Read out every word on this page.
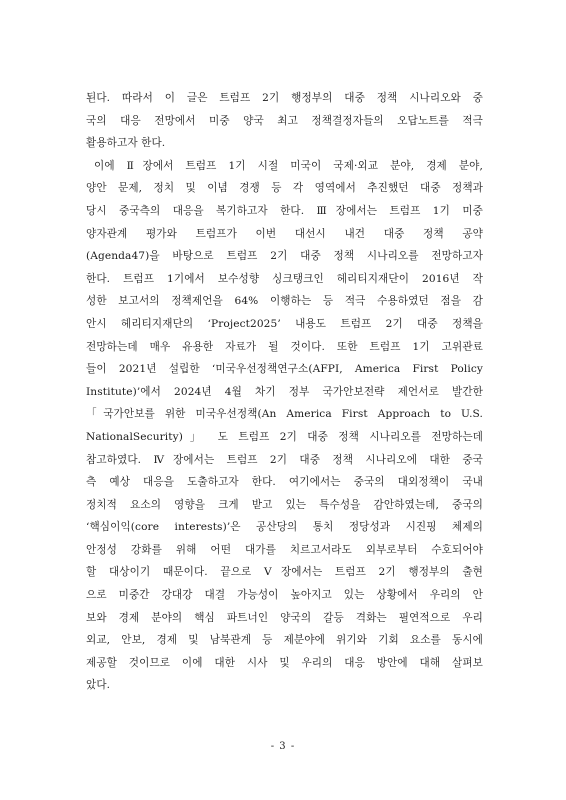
된다. 따라서 이 글은 트럼프 2기 행정부의 대중 정책 시나리오와 중
국의 대응 전망에서 미중 양국 최고 정책결정자들의 오답노트를 적극
활용하고자 한다.
이에 Ⅱ장에서 트럼프 1기 시절 미국이 국제·외교 분야, 경제 분야,
양안 문제, 정치 및 이념 경쟁 등 각 영역에서 추진했던 대중 정책과
당시 중국측의 대응을 복기하고자 한다. Ⅲ장에서는 트럼프 1기 미중
양자관계 평가와 트럼프가 이번 대선시 내건 대중 정책 공약
(Agenda47)을 바탕으로 트럼프 2기 대중 정책 시나리오를 전망하고자
한다. 트럼프 1기에서 보수성향 싱크탱크인 헤리티지재단이 2016년 작
성한 보고서의 정책제언을 64% 이행하는 등 적극 수용하였던 점을 감
안시 헤리티지재단의 ‘Project2025’ 내용도 트럼프 2기 대중 정책을
전망하는데 매우 유용한 자료가 될 것이다. 또한 트럼프 1기 고위관료
들이 2021년 설립한 ‘미국우선정책연구소(AFPI, America First Policy
Institute)’에서 2024년 4월 차기 정부 국가안보전략 제언서로 발간한
「국가안보를 위한 미국우선정책(An America First Approach to U.S.
NationalSecurity)」 도 트럼프 2기 대중 정책 시나리오를 전망하는데
참고하였다. Ⅳ장에서는 트럼프 2기 대중 정책 시나리오에 대한 중국
측 예상 대응을 도출하고자 한다. 여기에서는 중국의 대외정책이 국내
정치적 요소의 영향을 크게 받고 있는 특수성을 감안하였는데, 중국의
‘핵심이익(core interests)’은 공산당의 통치 정당성과 시진핑 체제의
안정성 강화를 위해 어떤 대가를 치르고서라도 외부로부터 수호되어야
할 대상이기 때문이다. 끝으로 Ⅴ장에서는 트럼프 2기 행정부의 출현
으로 미중간 강대강 대결 가능성이 높아지고 있는 상황에서 우리의 안
보와 경제 분야의 핵심 파트너인 양국의 갈등 격화는 필연적으로 우리
외교, 안보, 경제 및 남북관계 등 제분야에 위기와 기회 요소를 동시에
제공할 것이므로 이에 대한 시사 및 우리의 대응 방안에 대해 살펴보
았다.
- 3 -
